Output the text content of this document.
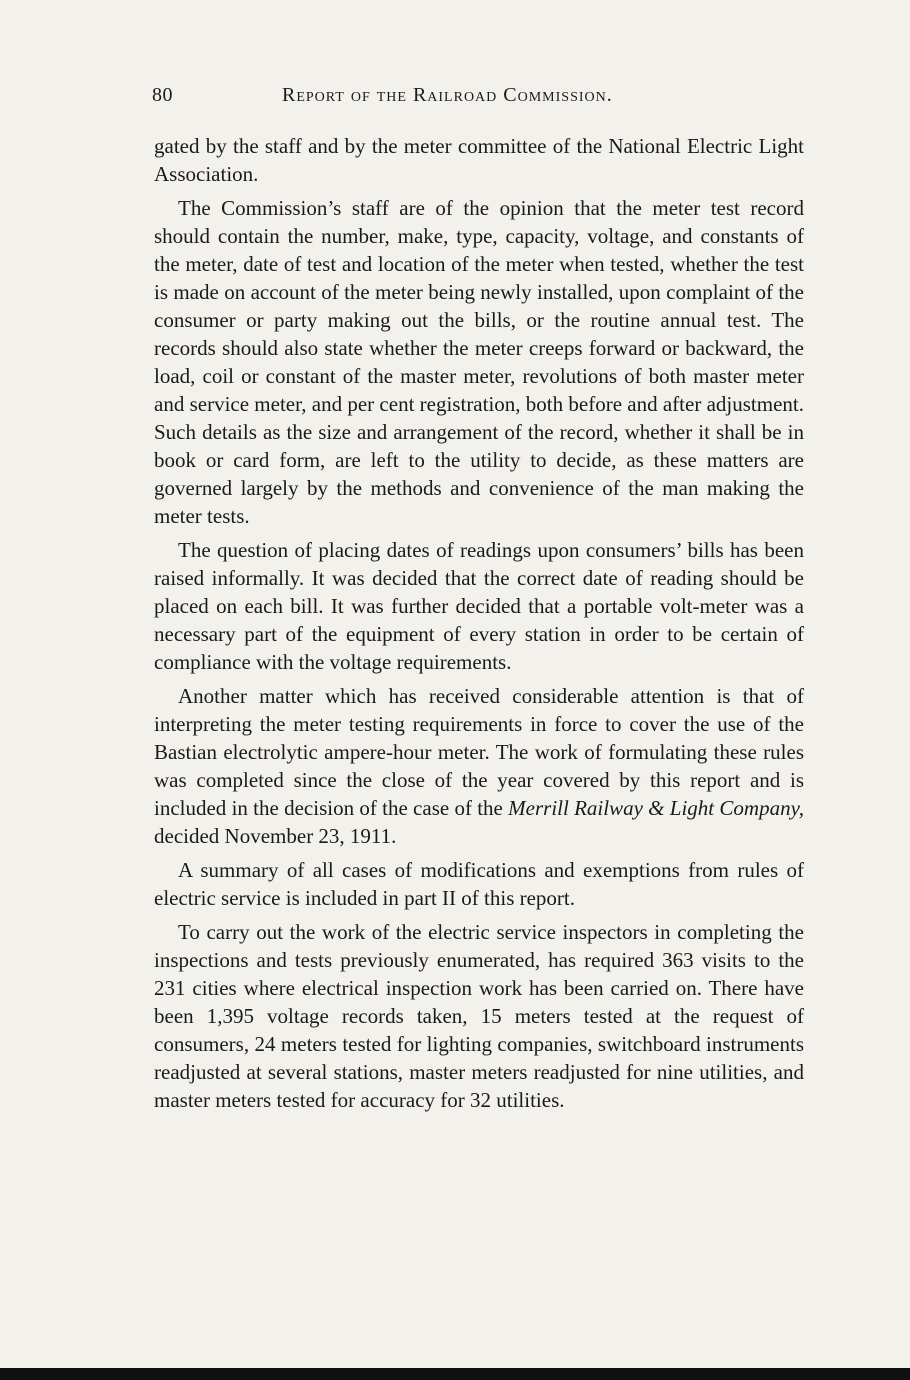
80	Report of the Railroad Commission.

gated by the staff and by the meter committee of the National Electric Light Association.

The Commission’s staff are of the opinion that the meter test record should contain the number, make, type, capacity, voltage, and constants of the meter, date of test and location of the meter when tested, whether the test is made on account of the meter being newly installed, upon complaint of the consumer or party making out the bills, or the routine annual test. The records should also state whether the meter creeps forward or backward, the load, coil or constant of the master meter, revolutions of both master meter and service meter, and per cent registration, both before and after adjustment. Such details as the size and arrangement of the record, whether it shall be in book or card form, are left to the utility to decide, as these matters are governed largely by the methods and convenience of the man making the meter tests.

The question of placing dates of readings upon consumers’ bills has been raised informally. It was decided that the correct date of reading should be placed on each bill. It was further decided that a portable volt-meter was a necessary part of the equipment of every station in order to be certain of compliance with the voltage requirements.

Another matter which has received considerable attention is that of interpreting the meter testing requirements in force to cover the use of the Bastian electrolytic ampere-hour meter. The work of formulating these rules was completed since the close of the year covered by this report and is included in the decision of the case of the Merrill Railway & Light Company, decided November 23, 1911.

A summary of all cases of modifications and exemptions from rules of electric service is included in part II of this report.

To carry out the work of the electric service inspectors in completing the inspections and tests previously enumerated, has required 363 visits to the 231 cities where electrical inspection work has been carried on. There have been 1,395 voltage records taken, 15 meters tested at the request of consumers, 24 meters tested for lighting companies, switchboard instruments readjusted at several stations, master meters readjusted for nine utilities, and master meters tested for accuracy for 32 utilities.
